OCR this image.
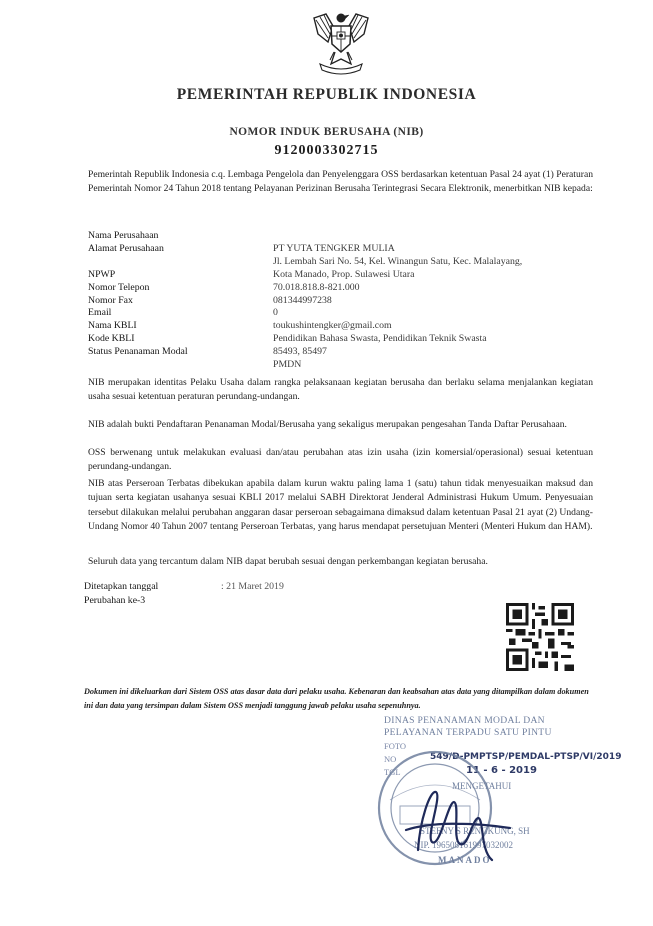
PEMERINTAH REPUBLIK INDONESIA
NOMOR INDUK BERUSAHA (NIB)
9120003302715
Pemerintah Republik Indonesia c.q. Lembaga Pengelola dan Penyelenggara OSS berdasarkan ketentuan Pasal 24 ayat (1) Peraturan Pemerintah Nomor 24 Tahun 2018 tentang Pelayanan Perizinan Berusaha Terintegrasi Secara Elektronik, menerbitkan NIB kepada:
Nama Perusahaan
Alamat Perusahaan	PT YUTA TENGKER MULIA
Jl. Lembah Sari No. 54, Kel. Winangun Satu, Kec. Malalayang,
NPWP	Kota Manado, Prop. Sulawesi Utara
Nomor Telepon	70.018.818.8-821.000
Nomor Fax	081344997238
Email	0
Nama KBLI	toukushintengker@gmail.com
Kode KBLI	Pendidikan Bahasa Swasta, Pendidikan Teknik Swasta
Status Penanaman Modal	85493, 85497
PMDN
NIB merupakan identitas Pelaku Usaha dalam rangka pelaksanaan kegiatan berusaha dan berlaku selama menjalankan kegiatan usaha sesuai ketentuan peraturan perundang-undangan.
NIB adalah bukti Pendaftaran Penanaman Modal/Berusaha yang sekaligus merupakan pengesahan Tanda Daftar Perusahaan.
OSS berwenang untuk melakukan evaluasi dan/atau perubahan atas izin usaha (izin komersial/operasional) sesuai ketentuan perundang-undangan.
NIB atas Perseroan Terbatas dibekukan apabila dalam kurun waktu paling lama 1 (satu) tahun tidak menyesuaikan maksud dan tujuan serta kegiatan usahanya sesuai KBLI 2017 melalui SABH Direktorat Jenderal Administrasi Hukum Umum. Penyesuaian tersebut dilakukan melalui perubahan anggaran dasar perseroan sebagaimana dimaksud dalam ketentuan Pasal 21 ayat (2) Undang-Undang Nomor 40 Tahun 2007 tentang Perseroan Terbatas, yang harus mendapat persetujuan Menteri (Menteri Hukum dan HAM).
Seluruh data yang tercantum dalam NIB dapat berubah sesuai dengan perkembangan kegiatan berusaha.
Ditetapkan tanggal	: 21 Maret 2019
Perubahan ke-3
Dokumen ini dikeluarkan dari Sistem OSS atas dasar data dari pelaku usaha. Kebenaran dan keabsahan atas data yang ditampilkan dalam dokumen ini dan data yang tersimpan dalam Sistem OSS menjadi tanggung jawab pelaku usaha sepenuhnya.
DINAS PENANAMAN MODAL DAN
PELAYANAN TERPADU SATU PINTU
FOTO
NO
TGL
549/D-PMPTSP/PEMDAL-PTSP/VI/2019
11 - 6 - 2019
MENGETAHUI
STEFNY S RENGKUNG, SH
NIP. 196508161997032002
MANADO
